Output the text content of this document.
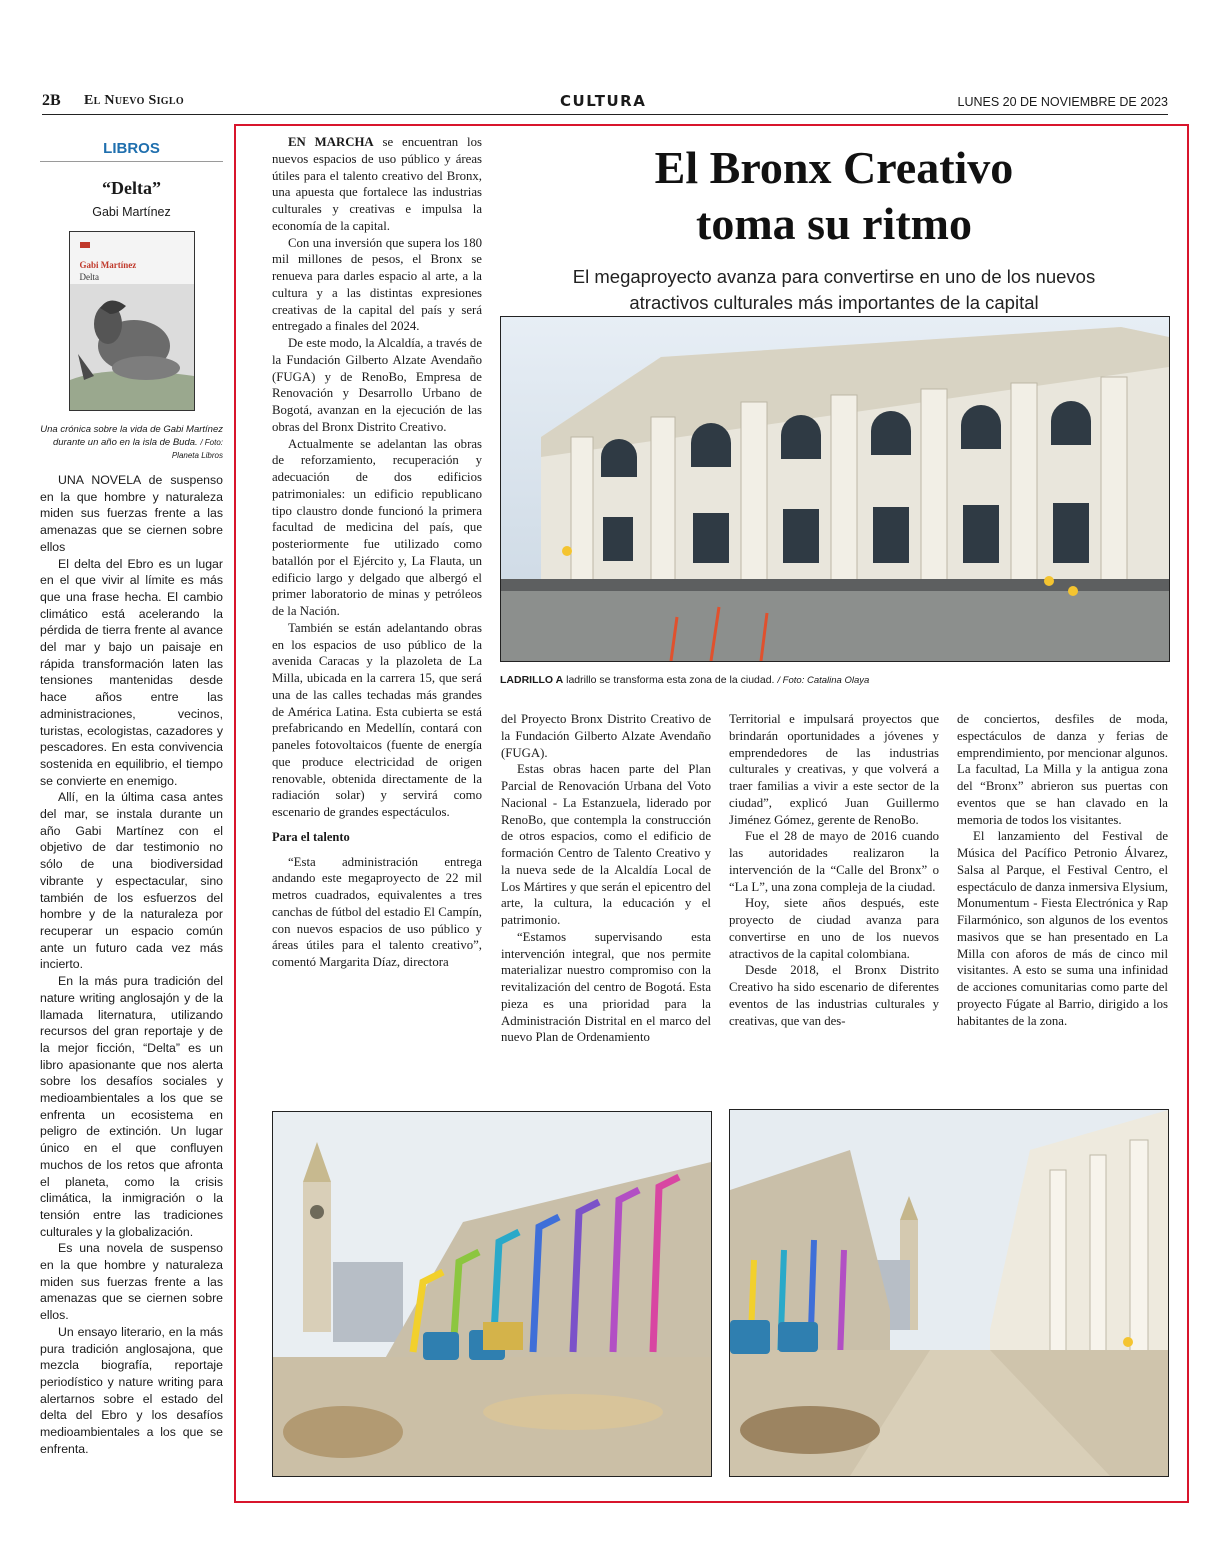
2B El Nuevo Siglo	CULTURA	LUNES 20 DE NOVIEMBRE DE 2023
LIBROS
“Delta”
Gabi Martínez
Gabi Martínez
Delta
Una crónica sobre la vida de Gabi Martínez durante un año en la isla de Buda. / Foto: Planeta Libros

UNA NOVELA de suspenso en la que hombre y naturaleza miden sus fuerzas frente a las amenazas que se ciernen sobre ellos

El delta del Ebro es un lugar en el que vivir al límite es más que una frase hecha. El cambio climático está acelerando la pérdida de tierra frente al avance del mar y bajo un paisaje en rápida transformación laten las tensiones mantenidas desde hace años entre las administraciones, vecinos, turistas, ecologistas, cazadores y pescadores. En esta convivencia sostenida en equilibrio, el tiempo se convierte en enemigo.

Allí, en la última casa antes del mar, se instala durante un año Gabi Martínez con el objetivo de dar testimonio no sólo de una biodiversidad vibrante y espectacular, sino también de los esfuerzos del hombre y de la naturaleza por recuperar un espacio común ante un futuro cada vez más incierto.

En la más pura tradición del nature writing anglosajón y de la llamada liternatura, utilizando recursos del gran reportaje y de la mejor ficción, “Delta” es un libro apasionante que nos alerta sobre los desafíos sociales y medioambientales a los que se enfrenta un ecosistema en peligro de extinción. Un lugar único en el que confluyen muchos de los retos que afronta el planeta, como la crisis climática, la inmigración o la tensión entre las tradiciones culturales y la globalización.

Es una novela de suspenso en la que hombre y naturaleza miden sus fuerzas frente a las amenazas que se ciernen sobre ellos.

Un ensayo literario, en la más pura tradición anglosajona, que mezcla biografía, reportaje periodístico y nature writing para alertarnos sobre el estado del delta del Ebro y los desafíos medioambientales a los que se enfrenta.

EN MARCHA se encuentran los nuevos espacios de uso público y áreas útiles para el talento creativo del Bronx, una apuesta que fortalece las industrias culturales y creativas e impulsa la economía de la capital.

Con una inversión que supera los 180 mil millones de pesos, el Bronx se renueva para darles espacio al arte, a la cultura y a las distintas expresiones creativas de la capital del país y será entregado a finales del 2024.

De este modo, la Alcaldía, a través de la Fundación Gilberto Alzate Avendaño (FUGA) y de RenoBo, Empresa de Renovación y Desarrollo Urbano de Bogotá, avanzan en la ejecución de las obras del Bronx Distrito Creativo.

Actualmente se adelantan las obras de reforzamiento, recuperación y adecuación de dos edificios patrimoniales: un edificio republicano tipo claustro donde funcionó la primera facultad de medicina del país, que posteriormente fue utilizado como batallón por el Ejército y, La Flauta, un edificio largo y delgado que albergó el primer laboratorio de minas y petróleos de la Nación.

También se están adelantando obras en los espacios de uso público de la avenida Caracas y la plazoleta de La Milla, ubicada en la carrera 15, que será una de las calles techadas más grandes de América Latina. Esta cubierta se está prefabricando en Medellín, contará con paneles fotovoltaicos (fuente de energía que produce electricidad de origen renovable, obtenida directamente de la radiación solar) y servirá como escenario de grandes espectáculos.

Para el talento

“Esta administración entrega andando este megaproyecto de 22 mil metros cuadrados, equivalentes a tres canchas de fútbol del estadio El Campín, con nuevos espacios de uso público y áreas útiles para el talento creativo”, comentó Margarita Díaz, directora

El Bronx Creativo
toma su ritmo
El megaproyecto avanza para convertirse en uno de los nuevos
atractivos culturales más importantes de la capital
LADRILLO A ladrillo se transforma esta zona de la ciudad. / Foto: Catalina Olaya

del Proyecto Bronx Distrito Creativo de la Fundación Gilberto Alzate Avendaño (FUGA).

Estas obras hacen parte del Plan Parcial de Renovación Urbana del Voto Nacional - La Estanzuela, liderado por RenoBo, que contempla la construcción de otros espacios, como el edificio de formación Centro de Talento Creativo y la nueva sede de la Alcaldía Local de Los Mártires y que serán el epicentro del arte, la cultura, la educación y el patrimonio.

“Estamos supervisando esta intervención integral, que nos permite materializar nuestro compromiso con la revitalización del centro de Bogotá. Esta pieza es una prioridad para la Administración Distrital en el marco del nuevo Plan de Ordenamiento

Territorial e impulsará proyectos que brindarán oportunidades a jóvenes y emprendedores de las industrias culturales y creativas, y que volverá a traer familias a vivir a este sector de la ciudad”, explicó Juan Guillermo Jiménez Gómez, gerente de RenoBo.

Fue el 28 de mayo de 2016 cuando las autoridades realizaron la intervención de la “Calle del Bronx” o “La L”, una zona compleja de la ciudad.

Hoy, siete años después, este proyecto de ciudad avanza para convertirse en uno de los nuevos atractivos de la capital colombiana.

Desde 2018, el Bronx Distrito Creativo ha sido escenario de diferentes eventos de las industrias culturales y creativas, que van des-

de conciertos, desfiles de moda, espectáculos de danza y ferias de emprendimiento, por mencionar algunos. La facultad, La Milla y la antigua zona del “Bronx” abrieron sus puertas con eventos que se han clavado en la memoria de todos los visitantes.

El lanzamiento del Festival de Música del Pacífico Petronio Álvarez, Salsa al Parque, el Festival Centro, el espectáculo de danza inmersiva Elysium, Monumentum - Fiesta Electrónica y Rap Filarmónico, son algunos de los eventos masivos que se han presentado en La Milla con aforos de más de cinco mil visitantes. A esto se suma una infinidad de acciones comunitarias como parte del proyecto Fúgate al Barrio, dirigido a los habitantes de la zona.
